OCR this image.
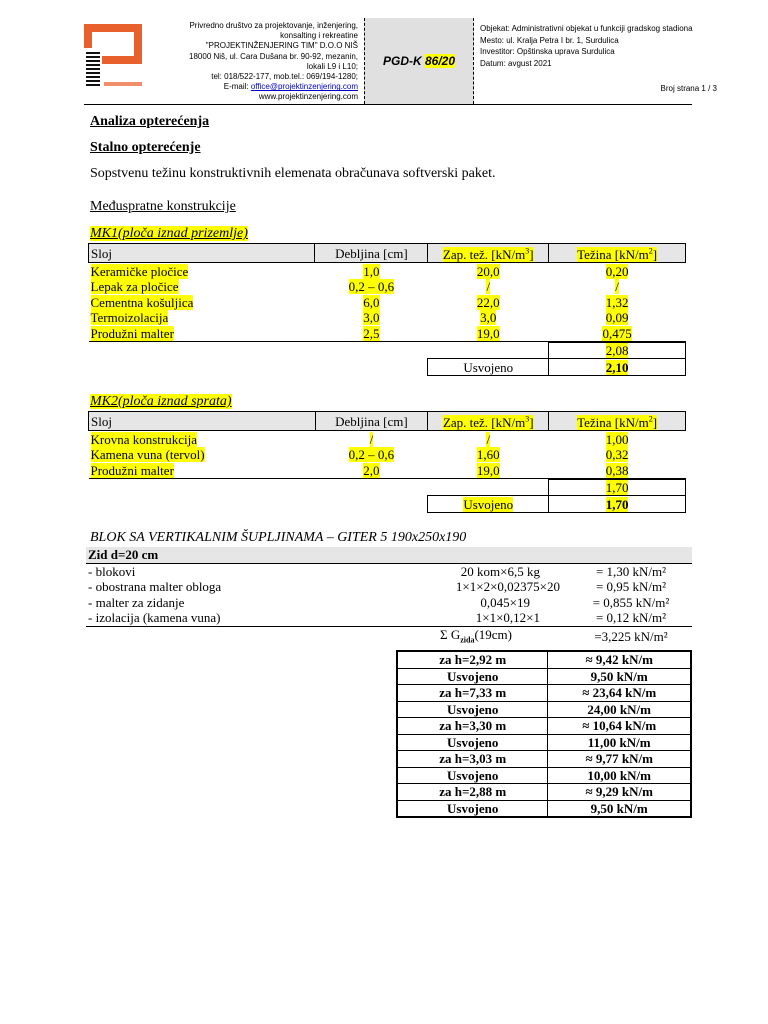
Privredno društvo za projektovanje, inženjering,
konsalting i rekreatine
"PROJEKTINŽENJERING TIM" D.O.O NIŠ
18000 Niš, ul. Cara Dušana br. 90-92, mezanin,
lokali L9 i L10;
tel: 018/522-177, mob.tel.: 069/194-1280;
E-mail: office@projektinzenjering.com
www.projektinzenjering.com
PGD-K 86/20
Objekat: Administrativni objekat u funkciji gradskog stadiona
Mesto: ul. Kralja Petra I br. 1, Surdulica
Investitor: Opštinska uprava Surdulica
Datum: avgust 2021
Broj strana 1 / 3
Analiza opterećenja
Stalno opterećenje
Sopstvenu težinu konstruktivnih elemenata obračunava softverski paket.
Međuspratne konstrukcije
MK1(ploča iznad prizemlje)
Sloj	Debljina [cm]	Zap. tež. $[kN/m^3]$	Težina $[kN/m^2]$
Keramičke pločice	1,0	20,0	0,20
Lepak za pločice	0,2 – 0,6	/	/
Cementna košuljica	6,0	22,0	1,32
Termoizolacija	3,0	3,0	0,09
Produžni malter	2,5	19,0	0,475
			2,08
		Usvojeno	2,10
MK2(ploča iznad sprata)
Sloj	Debljina [cm]	Zap. tež. $[kN/m^3]$	Težina $[kN/m^2]$
Krovna konstrukcija	/	/	1,00
Kamena vuna (tervol)	0,2 – 0,6	1,60	0,32
Produžni malter	2,0	19,0	0,38
			1,70
		Usvojeno	1,70
BLOK SA VERTIKALNIM ŠUPLJINAMA – GITER 5 190x250x190
Zid d=20 cm		
- blokovi	20 kom×6,5 kg	= 1,30 kN/m²
- obostrana malter obloga	1×1×2×0,02375×20	= 0,95 kN/m²
- malter za zidanje	0,045×19	= 0,855 kN/m²
- izolacija (kamena vuna)	1×1×0,12×1	= 0,12 kN/m²
	Σ $G_{zida}(19cm)$	=3,225 kN/m²
za h=2,92 m	≈ 9,42 kN/m
Usvojeno	9,50 kN/m
za h=7,33 m	≈ 23,64 kN/m
Usvojeno	24,00 kN/m
za h=3,30 m	≈ 10,64 kN/m
Usvojeno	11,00 kN/m
za h=3,03 m	≈ 9,77 kN/m
Usvojeno	10,00 kN/m
za h=2,88 m	≈ 9,29 kN/m
Usvojeno	9,50 kN/m
